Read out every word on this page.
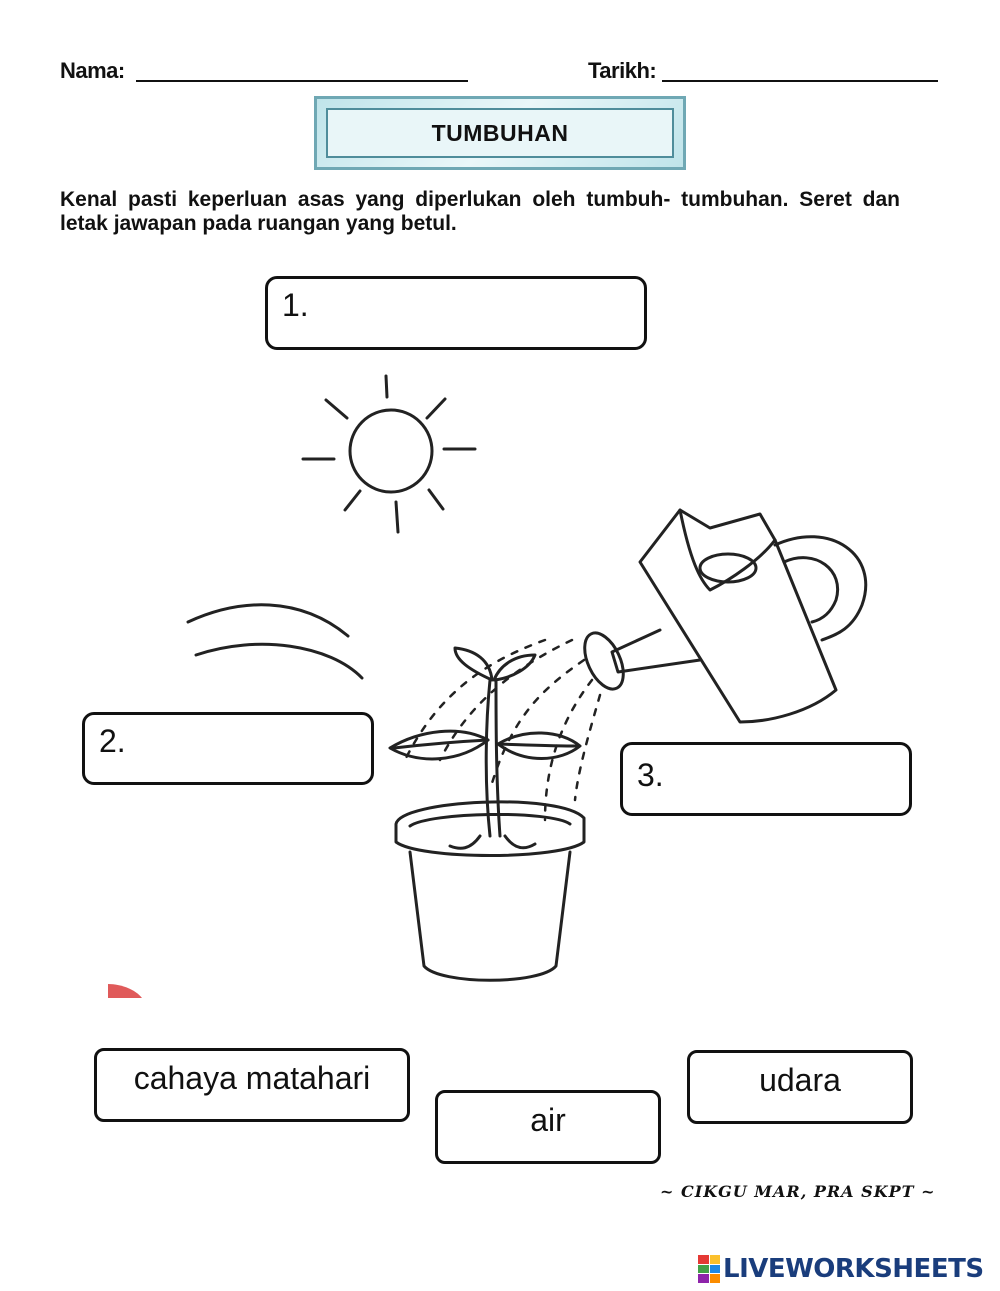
Nama:	Tarikh:
TUMBUHAN
Kenal pasti keperluan asas yang diperlukan oleh tumbuh- tumbuhan. Seret dan letak jawapan pada ruangan yang betul.
1.
2.
3.
cahaya matahari
air
udara
~ CIKGU MAR, PRA SKPT ~
LIVEWORKSHEETS
